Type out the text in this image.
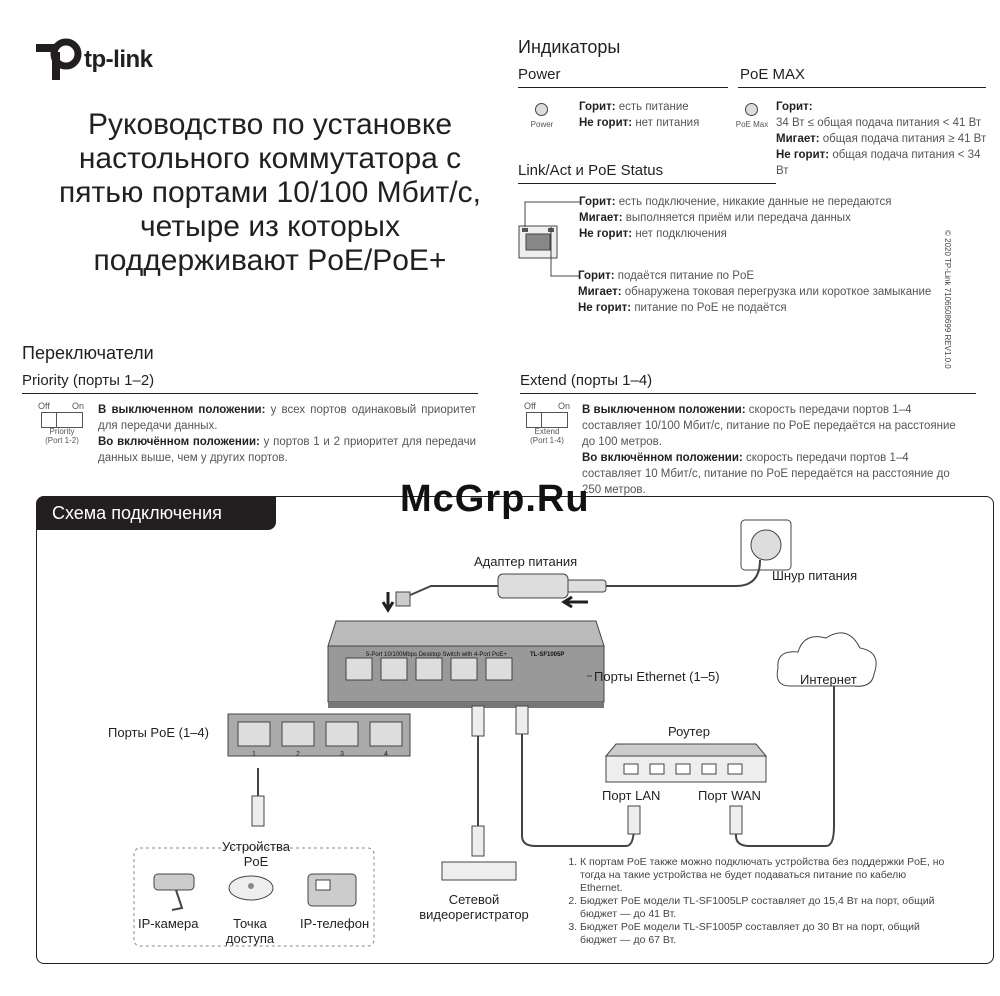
tp-link
Руководство по установке
настольного коммутатора с
пятью портами 10/100 Мбит/с,
четыре из которых
поддерживают PoE/PoE+
Индикаторы
Power
Power
Горит: есть питание
Не горит: нет питания
PoE MAX
PoE Max
Горит:
34 Вт ≤ общая подача питания < 41 Вт
Мигает: общая подача питания ≥ 41 Вт
Не горит: общая подача питания < 34 Вт
Link/Act и PoE Status
Горит: есть подключение, никакие данные не передаются
Мигает: выполняется приём или передача данных
Не горит: нет подключения
Горит: подаётся питание по PoE
Мигает: обнаружена токовая перегрузка или короткое замыкание
Не горит: питание по PoE не подаётся	© 2020 TP-Link 7106508699 REV1.0.0
Переключатели
Priority (порты 1–2)
Off On
Priority
(Port 1-2)
В выключенном положении: у всех портов одинаковый приоритет для передачи данных.
Во включённом положении: у портов 1 и 2 приоритет для передачи данных выше, чем у других портов.
Extend (порты 1–4)
Off On
Extend
(Port 1-4)
В выключенном положении: скорость передачи портов 1–4 составляет 10/100 Мбит/с, питание по PoE передаётся на расстояние до 100 метров.
Во включённом положении: скорость передачи портов 1–4 составляет 10 Мбит/с, питание по PoE передаётся на расстояние до 250 метров.
Схема подключения	McGrp.Ru
Адаптер питания
Шнур питания
5-Port 10/100Mbps Desktop Switch with 4-Port PoE+	TL-SF1005P
Порты Ethernet (1–5)
Порты PoE (1–4)
1	2	3	4
Интернет
Роутер
Порт LAN	Порт WAN
Устройства PoE
IP-камера	Точка доступа
IP-телефон
Сетевой видеорегистратор
1. К портам PoE также можно подключать устройства без поддержки PoE, но тогда на такие устройства не будет подаваться питание по кабелю Ethernet.
2. Бюджет PoE модели TL-SF1005LP составляет до 15,4 Вт на порт, общий бюджет — до 41 Вт.
3. Бюджет PoE модели TL-SF1005P составляет до 30 Вт на порт, общий бюджет — до 67 Вт.
